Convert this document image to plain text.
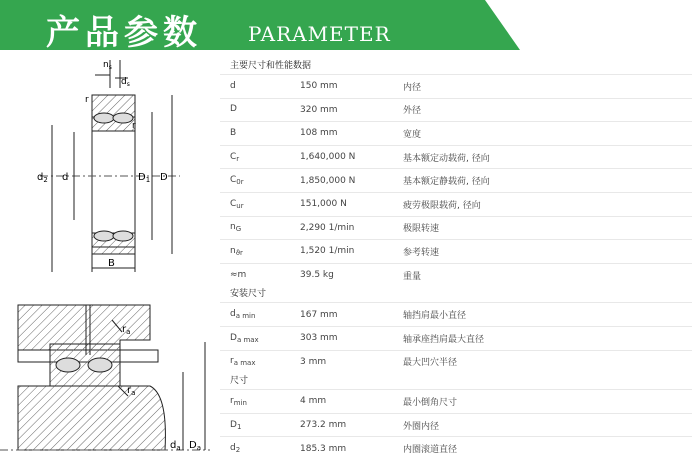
产品参数 PARAMETER
$n_s$
$d_s$
r
r
$d_2$ d	$D_1$ D
B
$r_a$
$r_a$
$d_a$ $D_a$
主要尺寸和性能数据
d	150 mm	内径
D	320 mm	外径
B	108 mm	宽度
$C_r$	1,640,000 N	基本额定动载荷, 径向
$C_{0r}$	1,850,000 N	基本额定静载荷, 径向
$C_{ur}$	151,000 N	疲劳极限载荷, 径向
$n_G$	2,290 1/min	极限转速
$n_{ϑr}$	1,520 1/min	参考转速
≈m	39.5 kg	重量
安装尺寸
$d_{a min}$	167 mm	轴挡肩最小直径
$D_{a max}$	303 mm	轴承座挡肩最大直径
$r_{a max}$	3 mm	最大凹穴半径
尺寸
$r_{min}$	4 mm	最小倒角尺寸
$D_1$	273.2 mm	外圈内径
$d_2$	185.3 mm	内圈滚道直径
